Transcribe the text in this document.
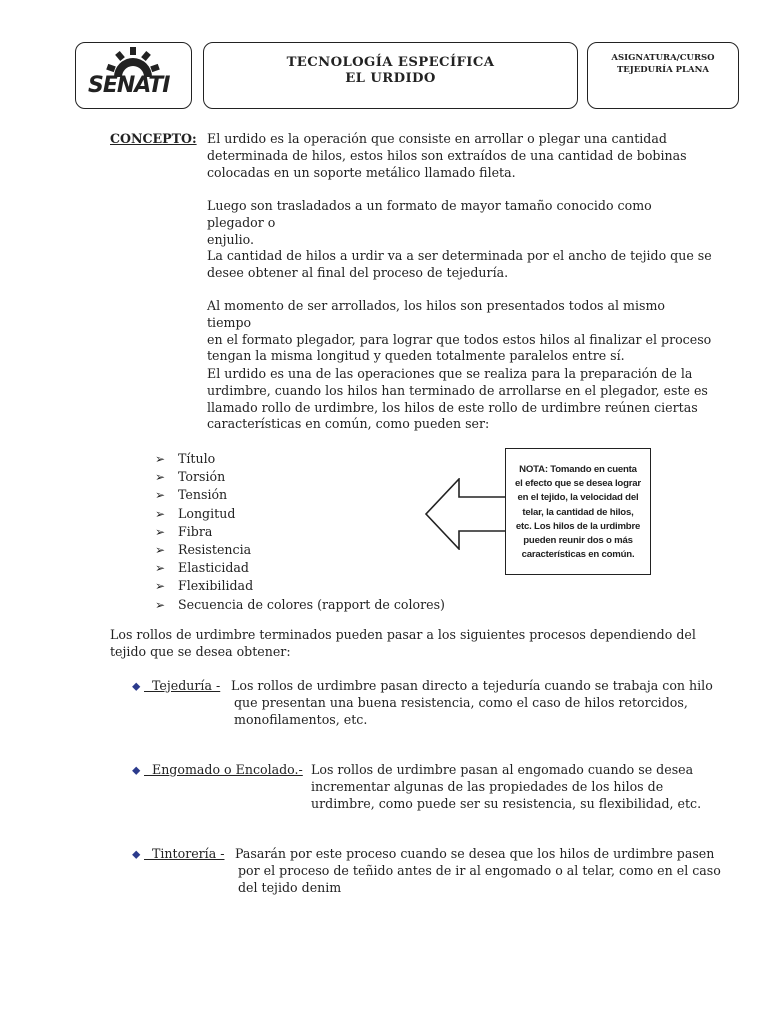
SENATI
TECNOLOGÍA ESPECÍFICA
EL URDIDO
ASIGNATURA/CURSO
TEJEDURÍA PLANA
CONCEPTO: El urdido es la operación que consiste en arrollar o plegar una cantidad
determinada de hilos, estos hilos son extraídos de una cantidad de bobinas
colocadas en un soporte metálico llamado fileta.
Luego son trasladados a un formato de mayor tamaño conocido como plegador o
enjulio.
La cantidad de hilos a urdir va a ser determinada por el ancho de tejido que se
desee obtener al final del proceso de tejeduría.
Al momento de ser arrollados, los hilos son presentados todos al mismo tiempo
en el formato plegador, para lograr que todos estos hilos al finalizar el proceso
tengan la misma longitud y queden totalmente paralelos entre sí.
El urdido es una de las operaciones que se realiza para la preparación de la
urdimbre, cuando los hilos han terminado de arrollarse en el plegador, este es
llamado rollo de urdimbre, los hilos de este rollo de urdimbre reúnen ciertas
características en común, como pueden ser:
➢ Título
➢ Torsión
➢ Tensión
➢ Longitud
➢ Fibra
➢ Resistencia
➢ Elasticidad
➢ Flexibilidad
➢ Secuencia de colores (rapport de colores)
NOTA: Tomando en cuenta
el efecto que se desea lograr
en el tejido, la velocidad del
telar, la cantidad de hilos,
etc. Los hilos de la urdimbre
pueden reunir dos o más
características en común.
Los rollos de urdimbre terminados pueden pasar a los siguientes procesos dependiendo del
tejido que se desea obtener:
⬥ Tejeduría - Los rollos de urdimbre pasan directo a tejeduría cuando se trabaja con hilo
que presentan una buena resistencia, como el caso de hilos retorcidos,
monofilamentos, etc.
⬥ Engomado o Encolado.- Los rollos de urdimbre pasan al engomado cuando se desea
incrementar algunas de las propiedades de los hilos de
urdimbre, como puede ser su resistencia, su flexibilidad, etc.
⬥ Tintorería - Pasarán por este proceso cuando se desea que los hilos de urdimbre pasen
por el proceso de teñido antes de ir al engomado o al telar, como en el caso
del tejido denim
